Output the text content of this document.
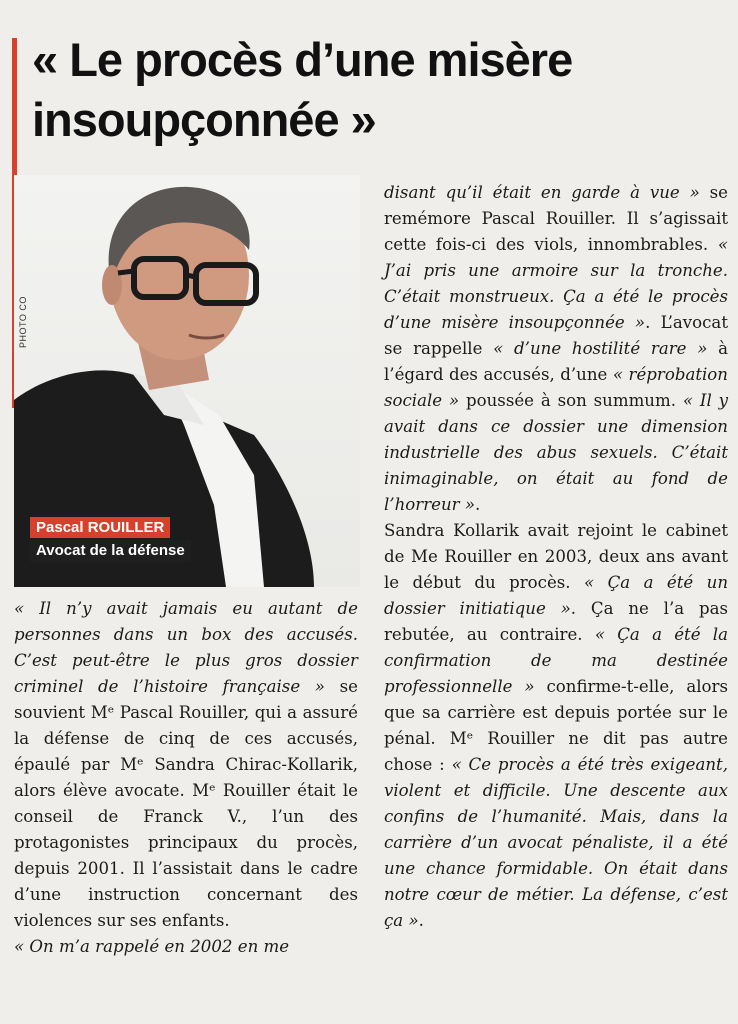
« Le procès d’une misère insoupçonnée »
PHOTO CO
Pascal ROUILLER
Avocat de la défense

disant qu’il était en garde à vue » se remémore Pascal Rouiller. Il s’agissait cette fois-ci des viols, innombrables. « J’ai pris une armoire sur la tronche. C’était monstrueux. Ça a été le procès d’une misère insoupçonnée ». L’avocat se rappelle « d’une hostilité rare » à l’égard des accusés, d’une « réprobation sociale » poussée à son summum. « Il y avait dans ce dossier une dimension industrielle des abus sexuels. C’était inimaginable, on était au fond de l’horreur ».

Sandra Kollarik avait rejoint le cabinet de Me Rouiller en 2003, deux ans avant le début du procès. « Ça a été un dossier initiatique ». Ça ne l’a pas rebutée, au contraire. « Ça a été la confirmation de ma destinée professionnelle » confirme-t-elle, alors que sa carrière est depuis portée sur le pénal. Mᵉ Rouiller ne dit pas autre chose : « Ce procès a été très exigeant, violent et difficile. Une descente aux confins de l’humanité. Mais, dans la carrière d’un avocat pénaliste, il a été une chance formidable. On était dans notre cœur de métier. La défense, c’est ça ».

« Il n’y avait jamais eu autant de personnes dans un box des accusés. C’est peut-être le plus gros dossier criminel de l’histoire française » se souvient Mᵉ Pascal Rouiller, qui a assuré la défense de cinq de ces accusés, épaulé par Mᵉ Sandra Chirac-Kollarik, alors élève avocate. Mᵉ Rouiller était le conseil de Franck V., l’un des protagonistes principaux du procès, depuis 2001. Il l’assistait dans le cadre d’une instruction concernant des violences sur ses enfants.

« On m’a rappelé en 2002 en me
